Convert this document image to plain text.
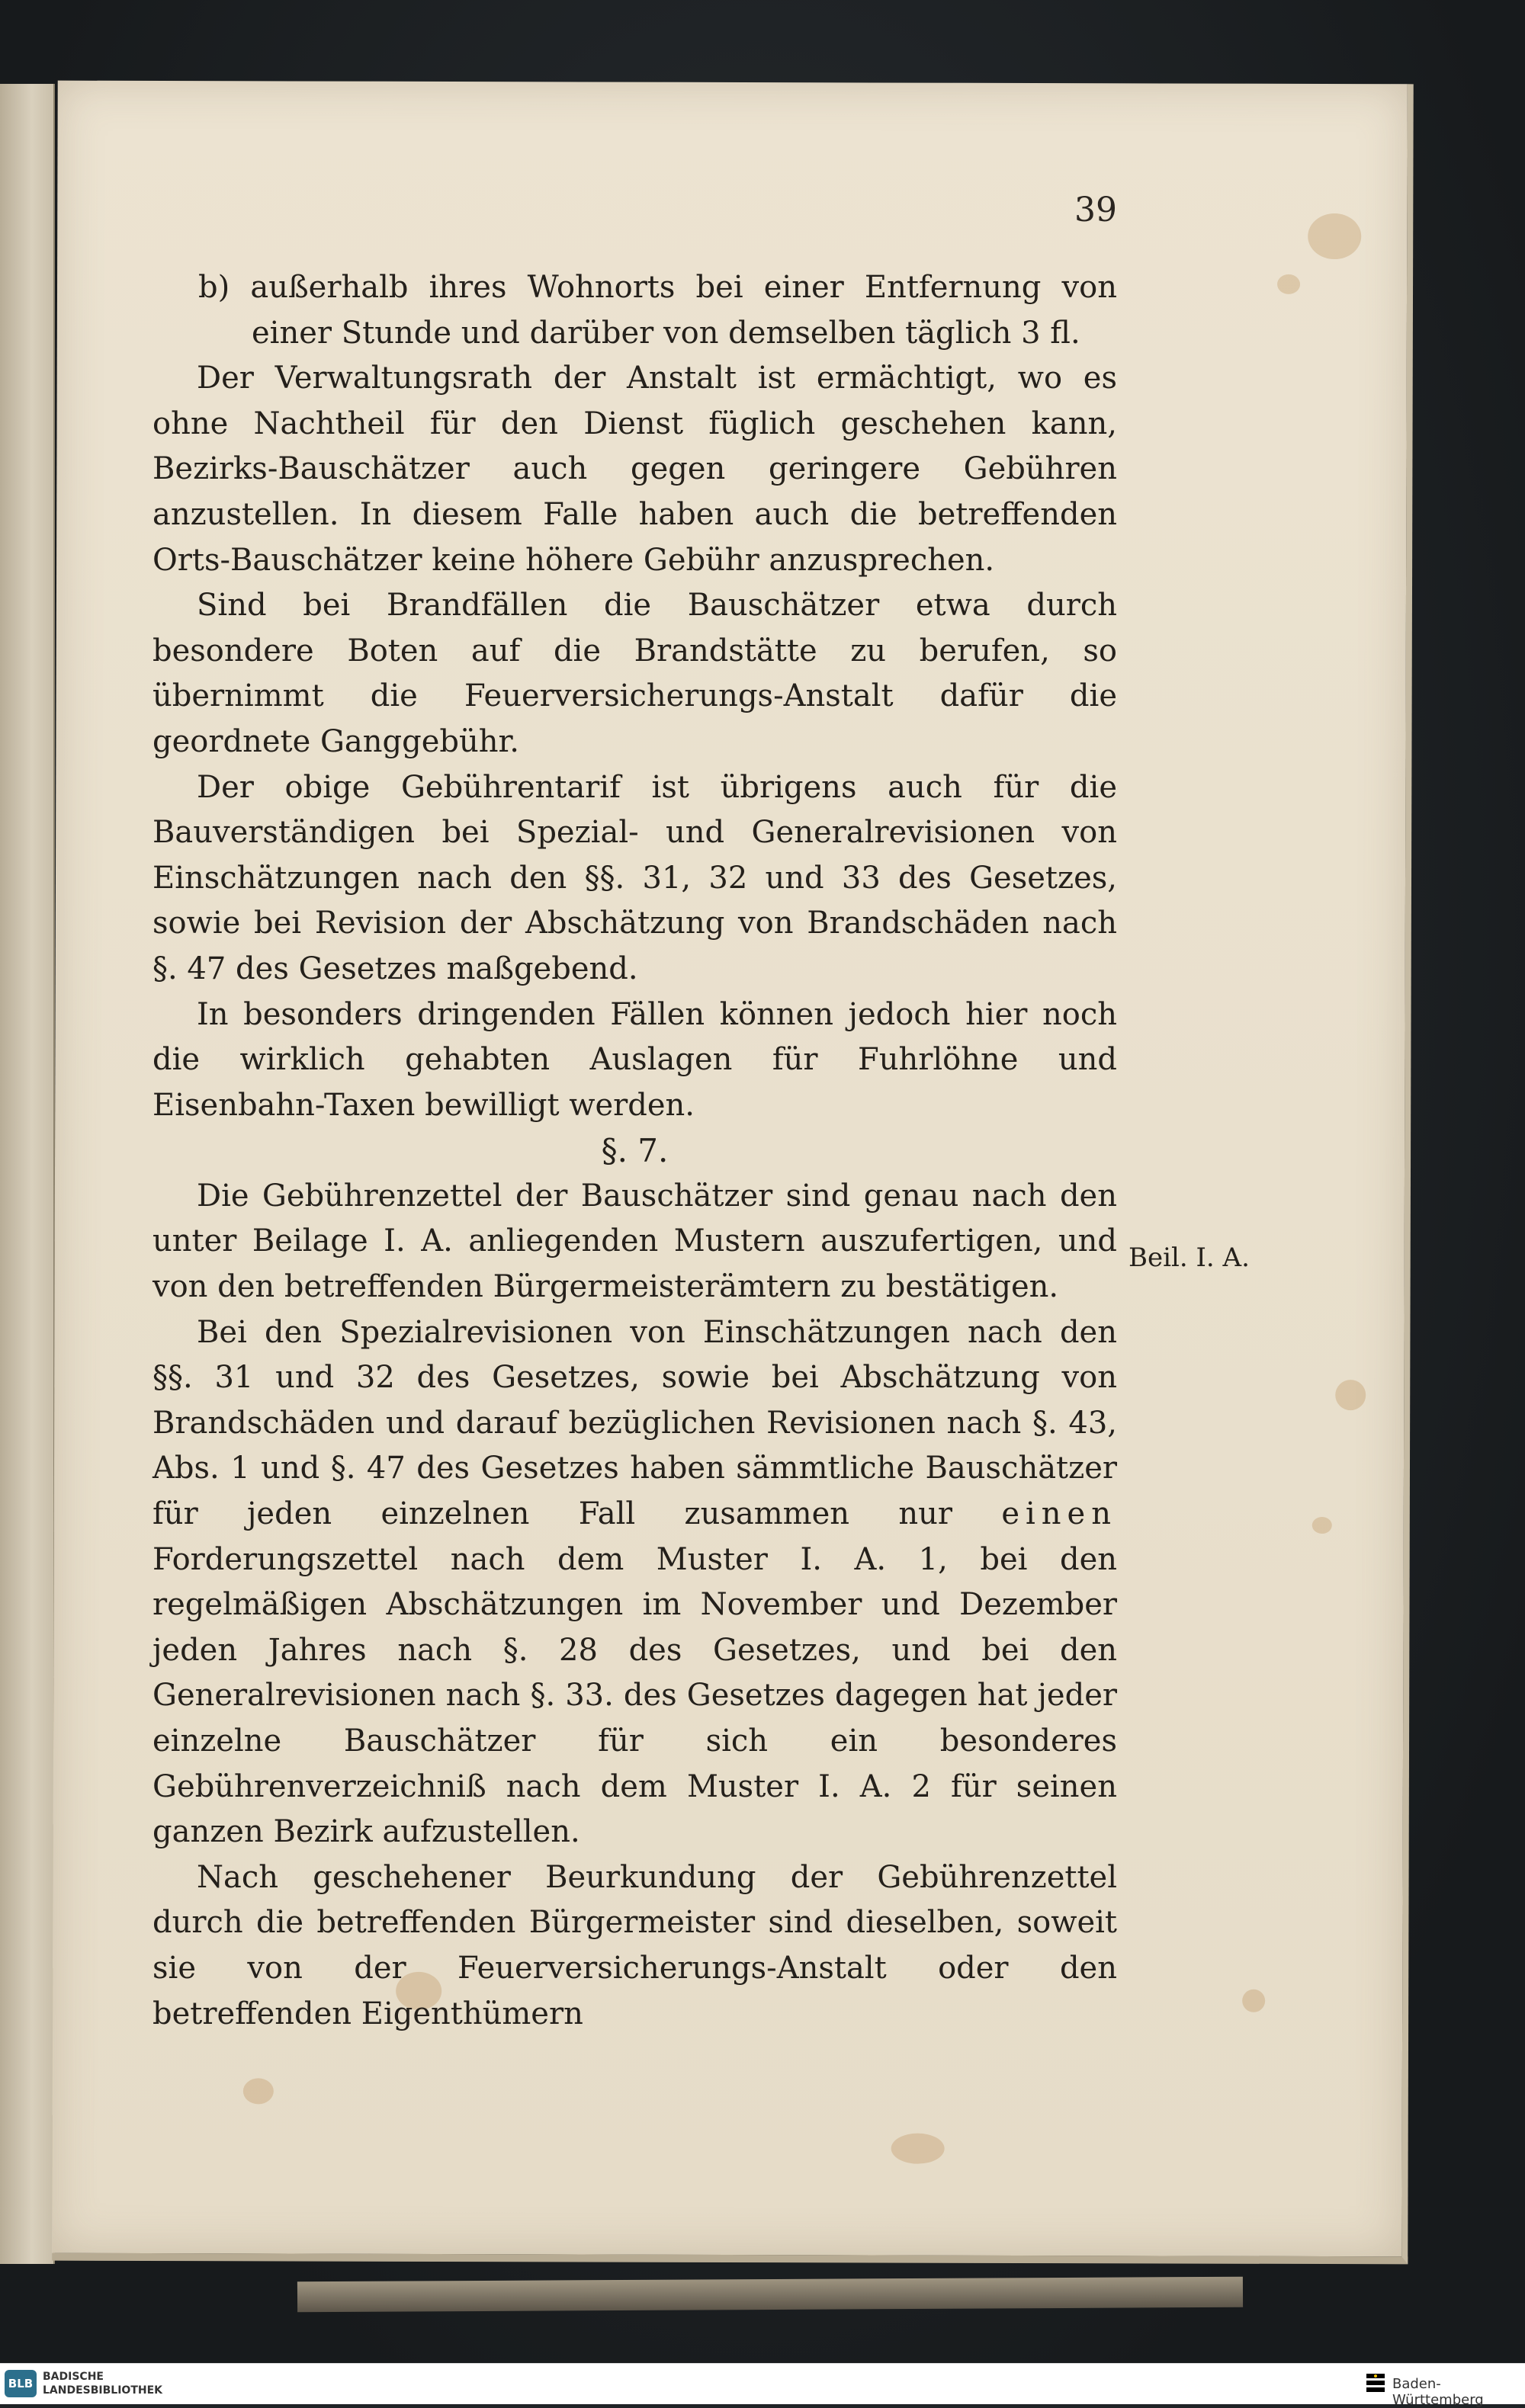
39

b) außerhalb ihres Wohnorts bei einer Entfernung von einer Stunde und darüber von demselben täglich 3 fl.

Der Verwaltungsrath der Anstalt ist ermächtigt, wo es ohne Nachtheil für den Dienst füglich geschehen kann, Bezirks-Bauschätzer auch gegen geringere Gebühren anzustellen. In diesem Falle haben auch die betreffenden Orts-Bauschätzer keine höhere Gebühr anzusprechen.

Sind bei Brandfällen die Bauschätzer etwa durch besondere Boten auf die Brandstätte zu berufen, so übernimmt die Feuerversicherungs-Anstalt dafür die geordnete Ganggebühr.

Der obige Gebührentarif ist übrigens auch für die Bauverständigen bei Spezial- und Generalrevisionen von Einschätzungen nach den §§. 31, 32 und 33 des Gesetzes, sowie bei Revision der Abschätzung von Brandschäden nach §. 47 des Gesetzes maßgebend.

In besonders dringenden Fällen können jedoch hier noch die wirklich gehabten Auslagen für Fuhrlöhne und Eisenbahn-Taxen bewilligt werden.

§. 7.

Die Gebührenzettel der Bauschätzer sind genau nach den unter Beilage I. A. anliegenden Mustern auszufertigen, und von den betreffenden Bürgermeisterämtern zu bestätigen.

Bei den Spezialrevisionen von Einschätzungen nach den §§. 31 und 32 des Gesetzes, sowie bei Abschätzung von Brandschäden und darauf bezüglichen Revisionen nach §. 43, Abs. 1 und §. 47 des Gesetzes haben sämmtliche Bauschätzer für jeden einzelnen Fall zusammen nur einen Forderungszettel nach dem Muster I. A. 1, bei den regelmäßigen Abschätzungen im November und Dezember jeden Jahres nach §. 28 des Gesetzes, und bei den Generalrevisionen nach §. 33. des Gesetzes dagegen hat jeder einzelne Bauschätzer für sich ein besonderes Gebührenverzeichniß nach dem Muster I. A. 2 für seinen ganzen Bezirk aufzustellen.

Nach geschehener Beurkundung der Gebührenzettel durch die betreffenden Bürgermeister sind dieselben, soweit sie von der Feuerversicherungs-Anstalt oder den betreffenden Eigenthümern

Beil. I. A.
BLB BADISCHE
LANDESBIBLIOTHEK	Baden-Württemberg
